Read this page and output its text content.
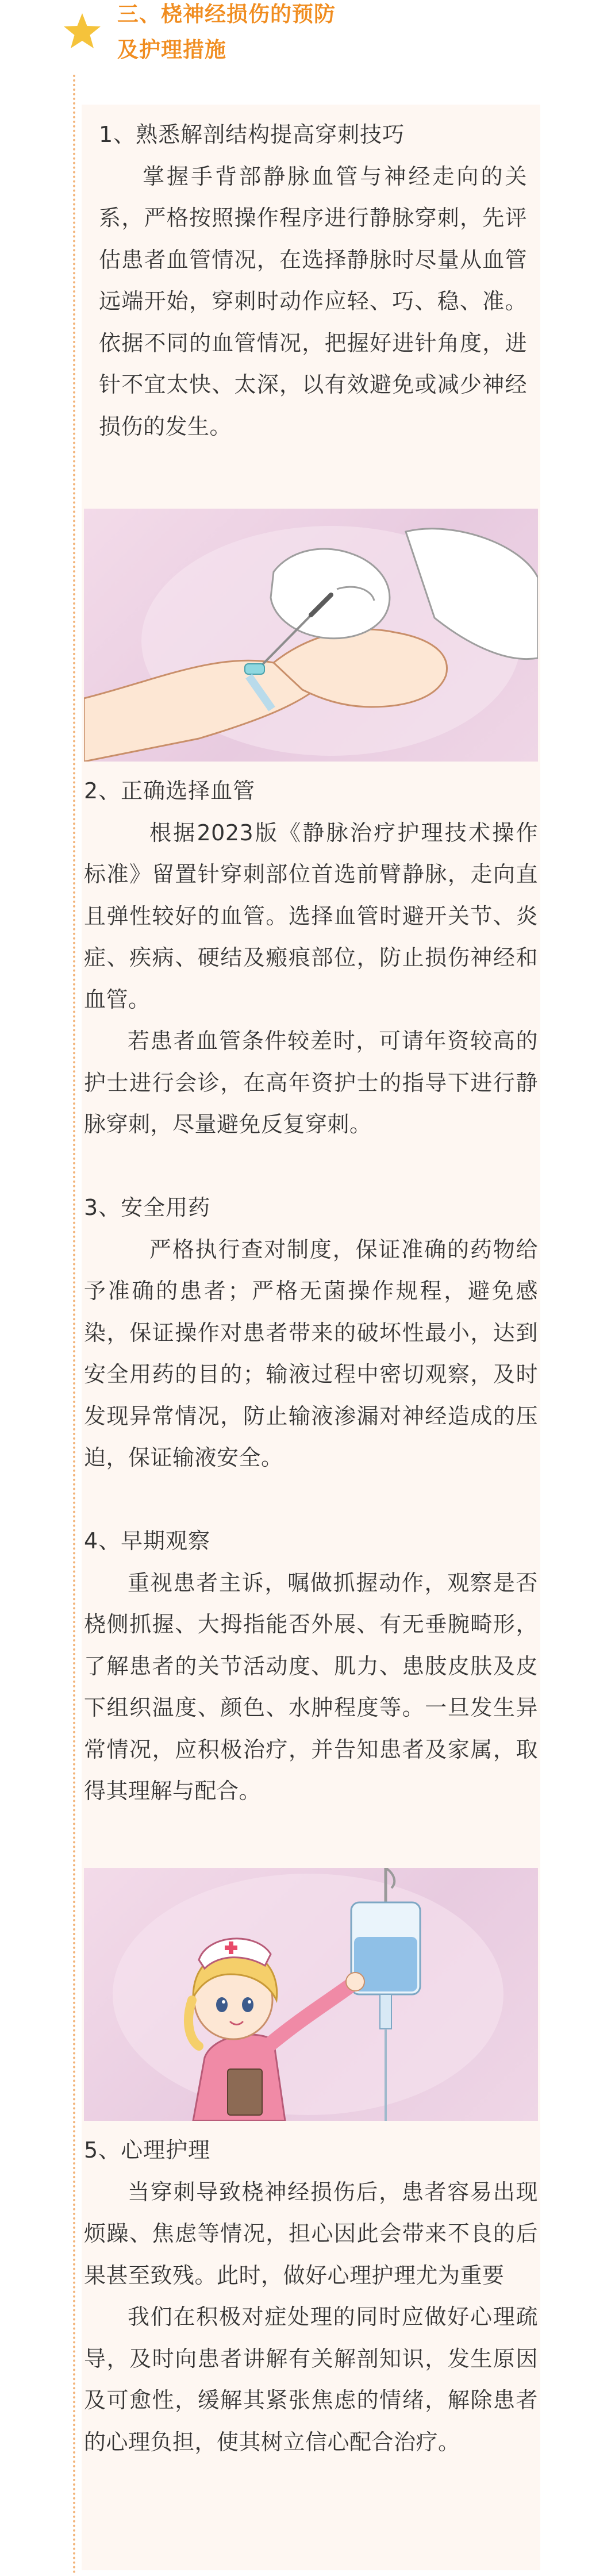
三、桡神经损伤的预防
及护理措施

1、熟悉解剖结构提高穿刺技巧

掌握手背部静脉血管与神经走向的关系，严格按照操作程序进行静脉穿刺，先评估患者血管情况，在选择静脉时尽量从血管远端开始，穿刺时动作应轻、巧、稳、准。依据不同的血管情况，把握好进针角度，进针不宜太快、太深，以有效避免或减少神经损伤的发生。

2、正确选择血管

根据2023版《静脉治疗护理技术操作标准》留置针穿刺部位首选前臂静脉，走向直且弹性较好的血管。选择血管时避开关节、炎症、疾病、硬结及瘢痕部位，防止损伤神经和血管。

若患者血管条件较差时，可请年资较高的护士进行会诊，在高年资护士的指导下进行静脉穿刺，尽量避免反复穿刺。

3、安全用药

严格执行查对制度，保证准确的药物给予准确的患者；严格无菌操作规程，避免感染，保证操作对患者带来的破坏性最小，达到安全用药的目的；输液过程中密切观察，及时发现异常情况，防止输液渗漏对神经造成的压迫，保证输液安全。

4、早期观察

重视患者主诉，嘱做抓握动作，观察是否桡侧抓握、大拇指能否外展、有无垂腕畸形，了解患者的关节活动度、肌力、患肢皮肤及皮下组织温度、颜色、水肿程度等。一旦发生异常情况，应积极治疗，并告知患者及家属，取得其理解与配合。

5、心理护理

当穿刺导致桡神经损伤后，患者容易出现烦躁、焦虑等情况，担心因此会带来不良的后果甚至致残。此时，做好心理护理尤为重要

我们在积极对症处理的同时应做好心理疏导，及时向患者讲解有关解剖知识，发生原因及可愈性，缓解其紧张焦虑的情绪，解除患者的心理负担，使其树立信心配合治疗。
